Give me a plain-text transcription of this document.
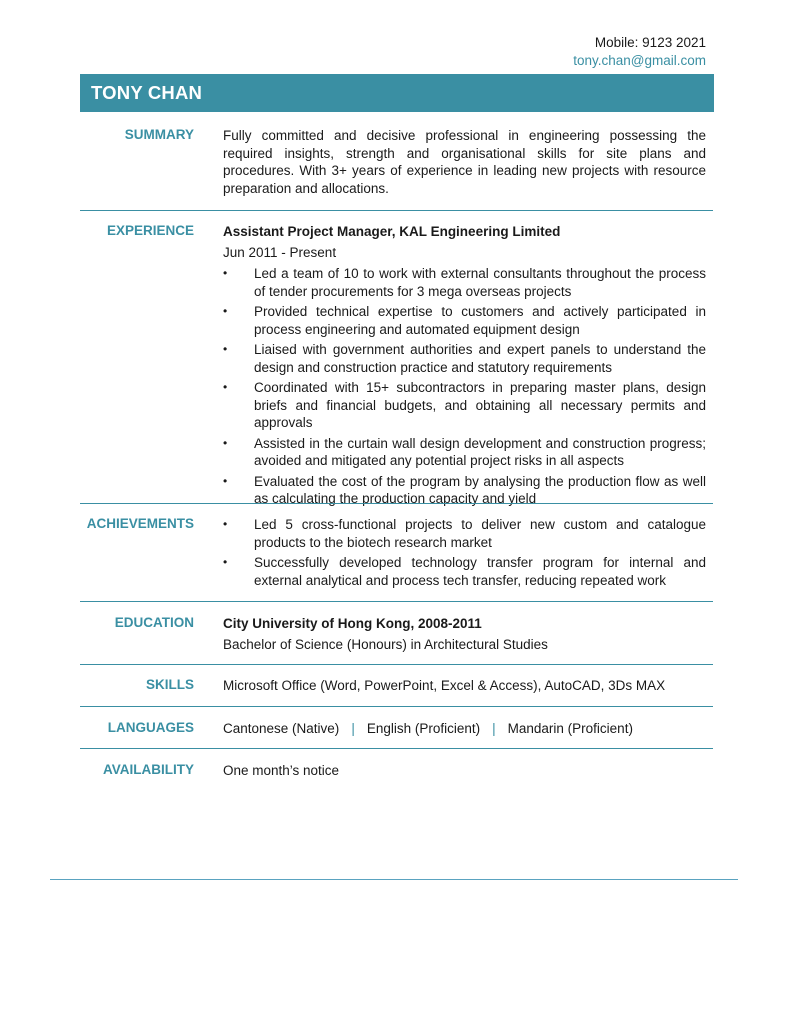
Mobile: 9123 2021
tony.chan@gmail.com
TONY CHAN
SUMMARY Fully committed and decisive professional in engineering possessing the required insights, strength and organisational skills for site plans and procedures. With 3+ years of experience in leading new projects with resource preparation and allocations.
EXPERIENCE Assistant Project Manager, KAL Engineering Limited
Jun 2011 - Present
• Led a team of 10 to work with external consultants throughout the process of tender procurements for 3 mega overseas projects
• Provided technical expertise to customers and actively participated in process engineering and automated equipment design
• Liaised with government authorities and expert panels to understand the design and construction practice and statutory requirements
• Coordinated with 15+ subcontractors in preparing master plans, design briefs and financial budgets, and obtaining all necessary permits and approvals
• Assisted in the curtain wall design development and construction progress; avoided and mitigated any potential project risks in all aspects
• Evaluated the cost of the program by analysing the production flow as well as calculating the production capacity and yield
ACHIEVEMENTS • Led 5 cross-functional projects to deliver new custom and catalogue products to the biotech research market
• Successfully developed technology transfer program for internal and external analytical and process tech transfer, reducing repeated work
EDUCATION City University of Hong Kong, 2008-2011
Bachelor of Science (Honours) in Architectural Studies
SKILLS Microsoft Office (Word, PowerPoint, Excel & Access), AutoCAD, 3Ds MAX
LANGUAGES Cantonese (Native) | English (Proficient) | Mandarin (Proficient)
AVAILABILITY One month’s notice
